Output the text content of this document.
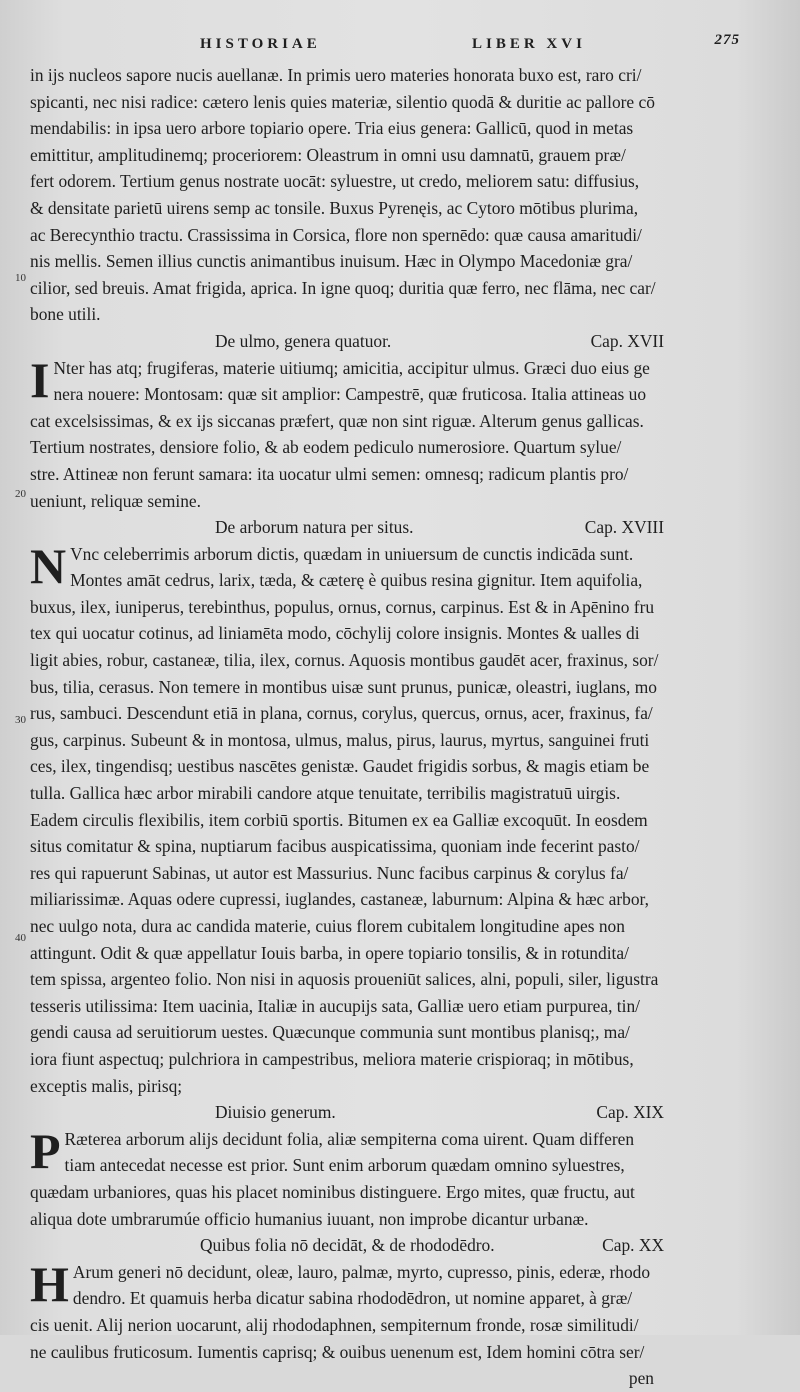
HISTORIAE	LIBER XVI	275
10
20
30
40
in ijs nucleos sapore nucis auellanæ. In primis uero materies honorata buxo est, raro cri/
spicanti, nec nisi radice: cætero lenis quies materiæ, silentio quodā & duritie ac pallore cō
mendabilis: in ipsa uero arbore topiario opere. Tria eius genera: Gallicū, quod in metas
emittitur, amplitudinemq; proceriorem: Oleastrum in omni usu damnatū, grauem præ/
fert odorem. Tertium genus nostrate uocāt: syluestre, ut credo, meliorem satu: diffusius,
& densitate parietū uirens semp ac tonsile. Buxus Pyrenęis, ac Cytoro mōtibus plurima,
ac Berecynthio tractu. Crassissima in Corsica, flore non spernēdo: quæ causa amaritudi/
nis mellis. Semen illius cunctis animantibus inuisum. Hæc in Olympo Macedoniæ gra/
cilior, sed breuis. Amat frigida, aprica. In igne quoq; duritia quæ ferro, nec flāma, nec car/
bone utili.
De ulmo, genera quatuor.	Cap. XVII
I Nter has atq; frugiferas, materie uitiumq; amicitia, accipitur ulmus. Græci duo eius ge
nera nouere: Montosam: quæ sit amplior: Campestrē, quæ fruticosa. Italia attineas uo
cat excelsissimas, & ex ijs siccanas præfert, quæ non sint riguæ. Alterum genus gallicas.
Tertium nostrates, densiore folio, & ab eodem pediculo numerosiore. Quartum sylue/
stre. Attineæ non ferunt samara: ita uocatur ulmi semen: omnesq; radicum plantis pro/
ueniunt, reliquæ semine.
De arborum natura per situs.	Cap. XVIII
N Vnc celeberrimis arborum dictis, quædam in uniuersum de cunctis indicāda sunt.
Montes amāt cedrus, larix, tæda, & cæterę è quibus resina gignitur. Item aquifolia,
buxus, ilex, iuniperus, terebinthus, populus, ornus, cornus, carpinus. Est & in Apēnino fru
tex qui uocatur cotinus, ad liniamēta modo, cōchylij colore insignis. Montes & ualles di
ligit abies, robur, castaneæ, tilia, ilex, cornus. Aquosis montibus gaudēt acer, fraxinus, sor/
bus, tilia, cerasus. Non temere in montibus uisæ sunt prunus, punicæ, oleastri, iuglans, mo
rus, sambuci. Descendunt etiā in plana, cornus, corylus, quercus, ornus, acer, fraxinus, fa/
gus, carpinus. Subeunt & in montosa, ulmus, malus, pirus, laurus, myrtus, sanguinei fruti
ces, ilex, tingendisq; uestibus nascētes genistæ. Gaudet frigidis sorbus, & magis etiam be
tulla. Gallica hæc arbor mirabili candore atque tenuitate, terribilis magistratuū uirgis.
Eadem circulis flexibilis, item corbiū sportis. Bitumen ex ea Galliæ excoquūt. In eosdem
situs comitatur & spina, nuptiarum facibus auspicatissima, quoniam inde fecerint pasto/
res qui rapuerunt Sabinas, ut autor est Massurius. Nunc facibus carpinus & corylus fa/
miliarissimæ. Aquas odere cupressi, iuglandes, castaneæ, laburnum: Alpina & hæc arbor,
nec uulgo nota, dura ac candida materie, cuius florem cubitalem longitudine apes non
attingunt. Odit & quæ appellatur Iouis barba, in opere topiario tonsilis, & in rotundita/
tem spissa, argenteo folio. Non nisi in aquosis proueniūt salices, alni, populi, siler, ligustra
tesseris utilissima: Item uacinia, Italiæ in aucupijs sata, Galliæ uero etiam purpurea, tin/
gendi causa ad seruitiorum uestes. Quæcunque communia sunt montibus planisq;, ma/
iora fiunt aspectuq; pulchriora in campestribus, meliora materie crispioraq; in mōtibus,
exceptis malis, pirisq;
Diuisio generum.	Cap. XIX
P Ræterea arborum alijs decidunt folia, aliæ sempiterna coma uirent. Quam differen
tiam antecedat necesse est prior. Sunt enim arborum quædam omnino syluestres,
quædam urbaniores, quas his placet nominibus distinguere. Ergo mites, quæ fructu, aut
aliqua dote umbrarumúe officio humanius iuuant, non improbe dicantur urbanæ.
Quibus folia nō decidāt, & de rhododēdro.	Cap. XX
H Arum generi nō decidunt, oleæ, lauro, palmæ, myrto, cupresso, pinis, ederæ, rhodo
dendro. Et quamuis herba dicatur sabina rhododēdron, ut nomine apparet, à græ/
cis uenit. Alij nerion uocarunt, alij rhododaphnen, sempiternum fronde, rosæ similitudi/
ne caulibus fruticosum. Iumentis caprisq; & ouibus uenenum est, Idem homini cōtra ser/
pen
